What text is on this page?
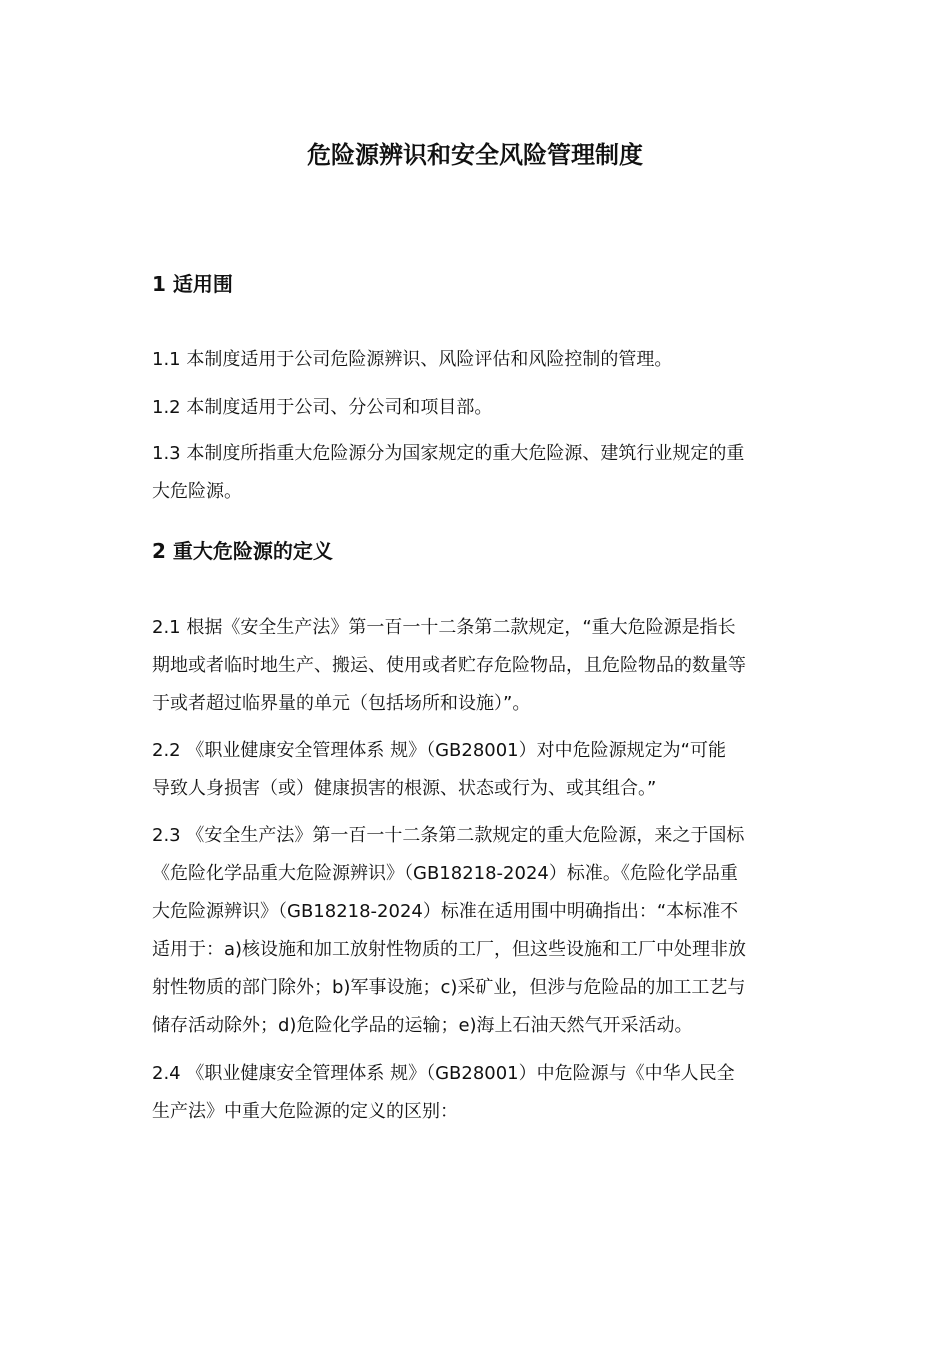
危险源辨识和安全风险管理制度
1 适用围
1.1 本制度适用于公司危险源辨识、风险评估和风险控制的管理。
1.2 本制度适用于公司、分公司和项目部。
1.3 本制度所指重大危险源分为国家规定的重大危险源、建筑行业规定的重
大危险源。
2 重大危险源的定义
2.1 根据《安全生产法》第一百一十二条第二款规定，“重大危险源是指长
期地或者临时地生产、搬运、使用或者贮存危险物品，且危险物品的数量等
于或者超过临界量的单元（包括场所和设施）”。
2.2 《职业健康安全管理体系 规》（GB28001）对中危险源规定为“可能
导致人身损害（或）健康损害的根源、状态或行为、或其组合。”
2.3 《安全生产法》第一百一十二条第二款规定的重大危险源，来之于国标
《危险化学品重大危险源辨识》（GB18218-2024）标准。《危险化学品重
大危险源辨识》（GB18218-2024）标准在适用围中明确指出：“本标准不
适用于：a)核设施和加工放射性物质的工厂，但这些设施和工厂中处理非放
射性物质的部门除外；b)军事设施；c)采矿业，但涉与危险品的加工工艺与
储存活动除外；d)危险化学品的运输；e)海上石油天然气开采活动。
2.4 《职业健康安全管理体系 规》（GB28001）中危险源与《中华人民全
生产法》中重大危险源的定义的区别：
